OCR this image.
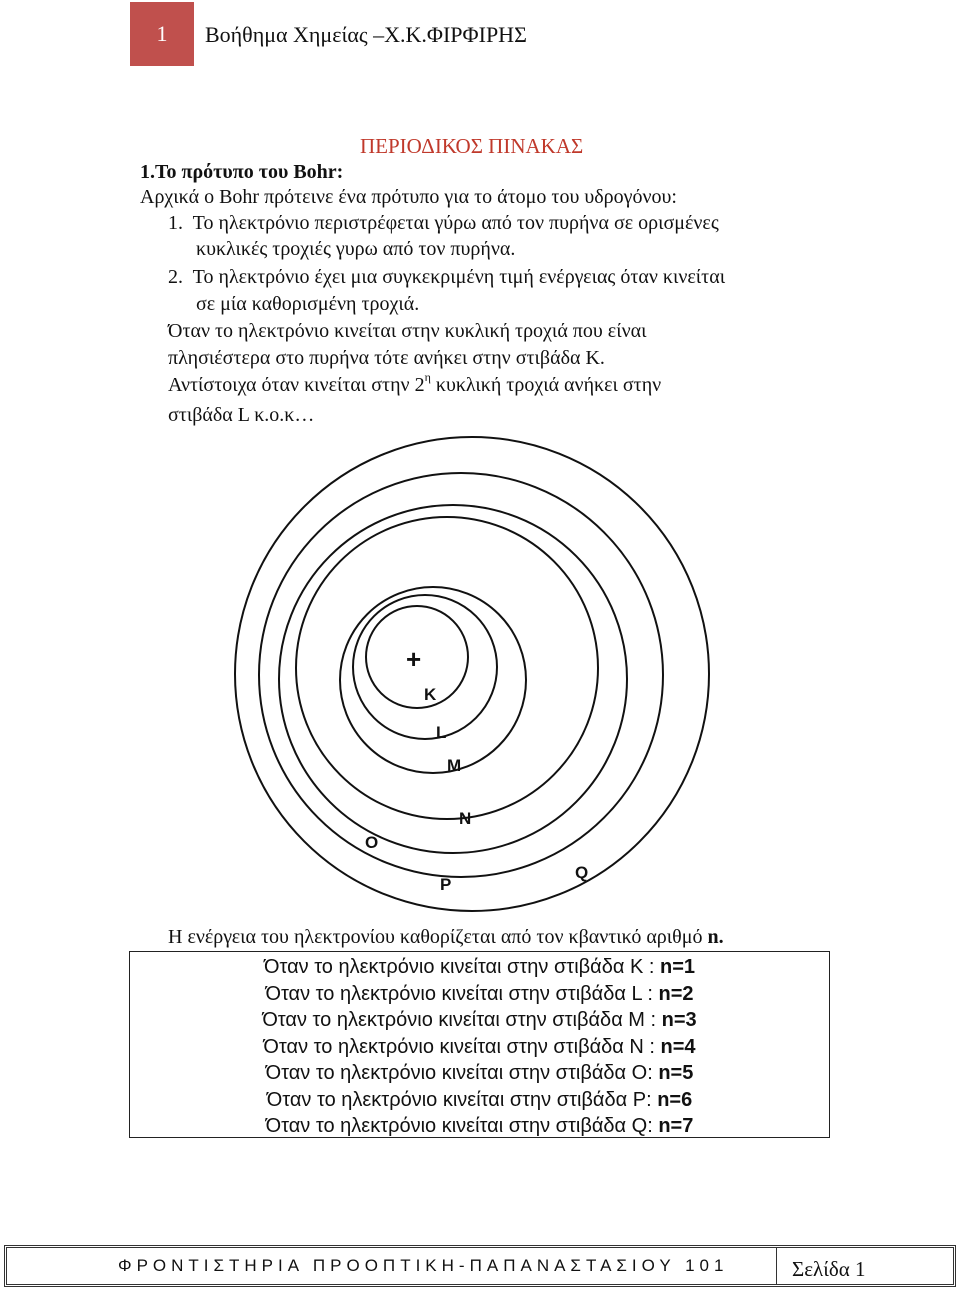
1 Βοήθημα Χημείας –Χ.Κ.ΦΙΡΦΙΡΗΣ
ΠΕΡΙΟΔΙΚΟΣ ΠΙΝΑΚΑΣ
1.Το πρότυπο του Bohr:
Αρχικά ο Bohr πρότεινε ένα πρότυπο για το άτομο του υδρογόνου:
1. Το ηλεκτρόνιο περιστρέφεται γύρω από τον πυρήνα σε ορισμένες
κυκλικές τροχιές γυρω από τον πυρήνα.
2. Το ηλεκτρόνιο έχει μια συγκεκριμένη τιμή ενέργειας όταν κινείται
σε μία καθορισμένη τροχιά.
Όταν το ηλεκτρόνιο κινείται στην κυκλική τροχιά που είναι
πλησιέστερα στο πυρήνα τότε ανήκει στην στιβάδα Κ.
Αντίστοιχα όταν κινείται στην $2^\eta$ κυκλική τροχιά ανήκει στην
στιβάδα L κ.ο.κ…
+
K
L
M
N
O
P
Q
Η ενέργεια του ηλεκτρονίου καθορίζεται από τον κβαντικό αριθμό n.
Όταν το ηλεκτρόνιο κινείται στην στιβάδα Κ : n=1
Όταν το ηλεκτρόνιο κινείται στην στιβάδα L : n=2
Όταν το ηλεκτρόνιο κινείται στην στιβάδα M : n=3
Όταν το ηλεκτρόνιο κινείται στην στιβάδα N : n=4
Όταν το ηλεκτρόνιο κινείται στην στιβάδα O: n=5
Όταν το ηλεκτρόνιο κινείται στην στιβάδα P: n=6
Όταν το ηλεκτρόνιο κινείται στην στιβάδα Q: n=7
ΦΡΟΝΤΙΣΤΗΡΙΑ ΠΡΟΟΠΤΙΚΗ-ΠΑΠΑΝΑΣΤΑΣΙΟΥ 101	Σελίδα 1
